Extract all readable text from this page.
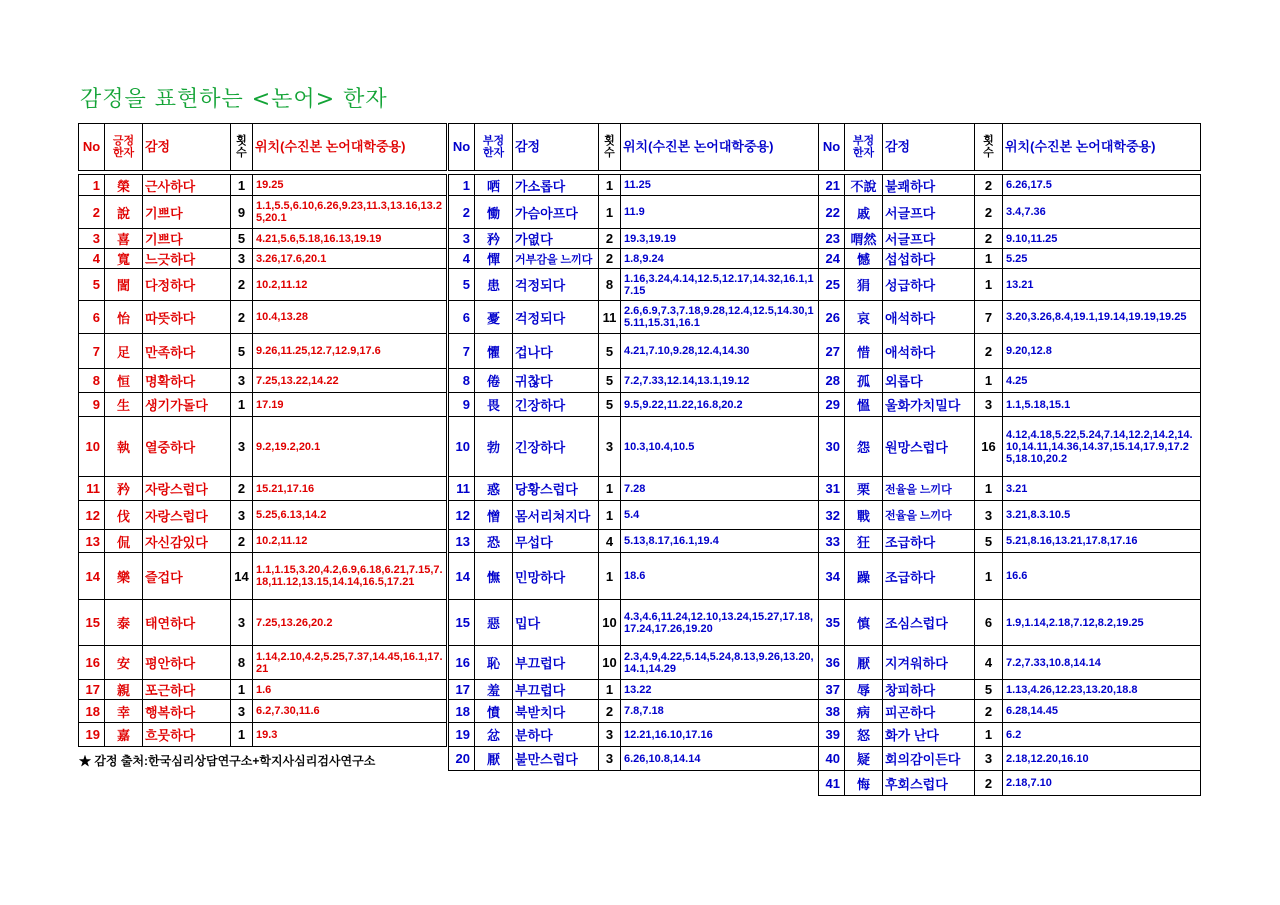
감정을 표현하는 <논어> 한자
No	긍정 한자	감정	횟 수	위치(수진본 논어대학중용)

1	榮	근사하다	1	19.25
2	說	기쁘다	9	1.1,5.5,6.10,6.26,9.23,11.3,13.16,13.25,20.1
3	喜	기쁘다	5	4.21,5.6,5.18,16.13,19.19
4	寬	느긋하다	3	3.26,17.6,20.1
5	誾	다정하다	2	10.2,11.12
6	怡	따뜻하다	2	10.4,13.28
7	足	만족하다	5	9.26,11.25,12.7,12.9,17.6
8	恒	명확하다	3	7.25,13.22,14.22
9	生	생기가돌다	1	17.19
10	執	열중하다	3	9.2,19.2,20.1
11	矜	자랑스럽다	2	15.21,17.16
12	伐	자랑스럽다	3	5.25,6.13,14.2
13	侃	자신감있다	2	10.2,11.12
14	樂	즐겁다	14	1.1,1.15,3.20,4.2,6.9,6.18,6.21,7.15,7.18,11.12,13.15,14.14,16.5,17.21
15	泰	태연하다	3	7.25,13.26,20.2
16	安	평안하다	8	1.14,2.10,4.2,5.25,7.37,14.45,16.1,17.21
17	親	포근하다	1	1.6
18	幸	행복하다	3	6.2,7.30,11.6
19	嘉	흐뭇하다	1	19.3
No	부정 한자	감정	횟 수	위치(수진본 논어대학중용)

1	哂	가소롭다	1	11.25
2	慟	가슴아프다	1	11.9
3	矜	가엾다	2	19.3,19.19
4	憚	거부감을 느끼다	2	1.8,9.24
5	患	걱정되다	8	1.16,3.24,4.14,12.5,12.17,14.32,16.1,17.15
6	憂	걱정되다	11	2.6,6.9,7.3,7.18,9.28,12.4,12.5,14.30,15.11,15.31,16.1
7	懼	겁나다	5	4.21,7.10,9.28,12.4,14.30
8	倦	귀찮다	5	7.2,7.33,12.14,13.1,19.12
9	畏	긴장하다	5	9.5,9.22,11.22,16.8,20.2
10	勃	긴장하다	3	10.3,10.4,10.5
11	惑	당황스럽다	1	7.28
12	憎	몸서리쳐지다	1	5.4
13	恐	무섭다	4	5.13,8.17,16.1,19.4
14	憮	민망하다	1	18.6
15	惡	밉다	10	4.3,4.6,11.24,12.10,13.24,15.27,17.18,17.24,17.26,19.20
16	恥	부끄럽다	10	2.3,4.9,4.22,5.14,5.24,8.13,9.26,13.20,14.1,14.29
17	羞	부끄럽다	1	13.22
18	憤	북받치다	2	7.8,7.18
19	忿	분하다	3	12.21,16.10,17.16
20	厭	불만스럽다	3	6.26,10.8,14.14
No	부정 한자	감정	횟 수	위치(수진본 논어대학중용)

21	不說	불쾌하다	2	6.26,17.5
22	戚	서글프다	2	3.4,7.36
23	喟然	서글프다	2	9.10,11.25
24	憾	섭섭하다	1	5.25
25	狷	성급하다	1	13.21
26	哀	애석하다	7	3.20,3.26,8.4,19.1,19.14,19.19,19.25
27	惜	애석하다	2	9.20,12.8
28	孤	외롭다	1	4.25
29	慍	울화가치밀다	3	1.1,5.18,15.1
30	怨	원망스럽다	16	4.12,4.18,5.22,5.24,7.14,12.2,14.2,14.10,14.11,14.36,14.37,15.14,17.9,17.25,18.10,20.2
31	栗	전율을 느끼다	1	3.21
32	戰	전율을 느끼다	3	3.21,8.3.10.5
33	狂	조급하다	5	5.21,8.16,13.21,17.8,17.16
34	躁	조급하다	1	16.6
35	慎	조심스럽다	6	1.9,1.14,2.18,7.12,8.2,19.25
36	厭	지겨워하다	4	7.2,7.33,10.8,14.14
37	辱	창피하다	5	1.13,4.26,12.23,13.20,18.8
38	病	피곤하다	2	6.28,14.45
39	怒	화가 난다	1	6.2
40	疑	회의감이든다	3	2.18,12.20,16.10
41	悔	후회스럽다	2	2.18,7.10
★ 감정 출처:한국심리상담연구소+학지사심리검사연구소
